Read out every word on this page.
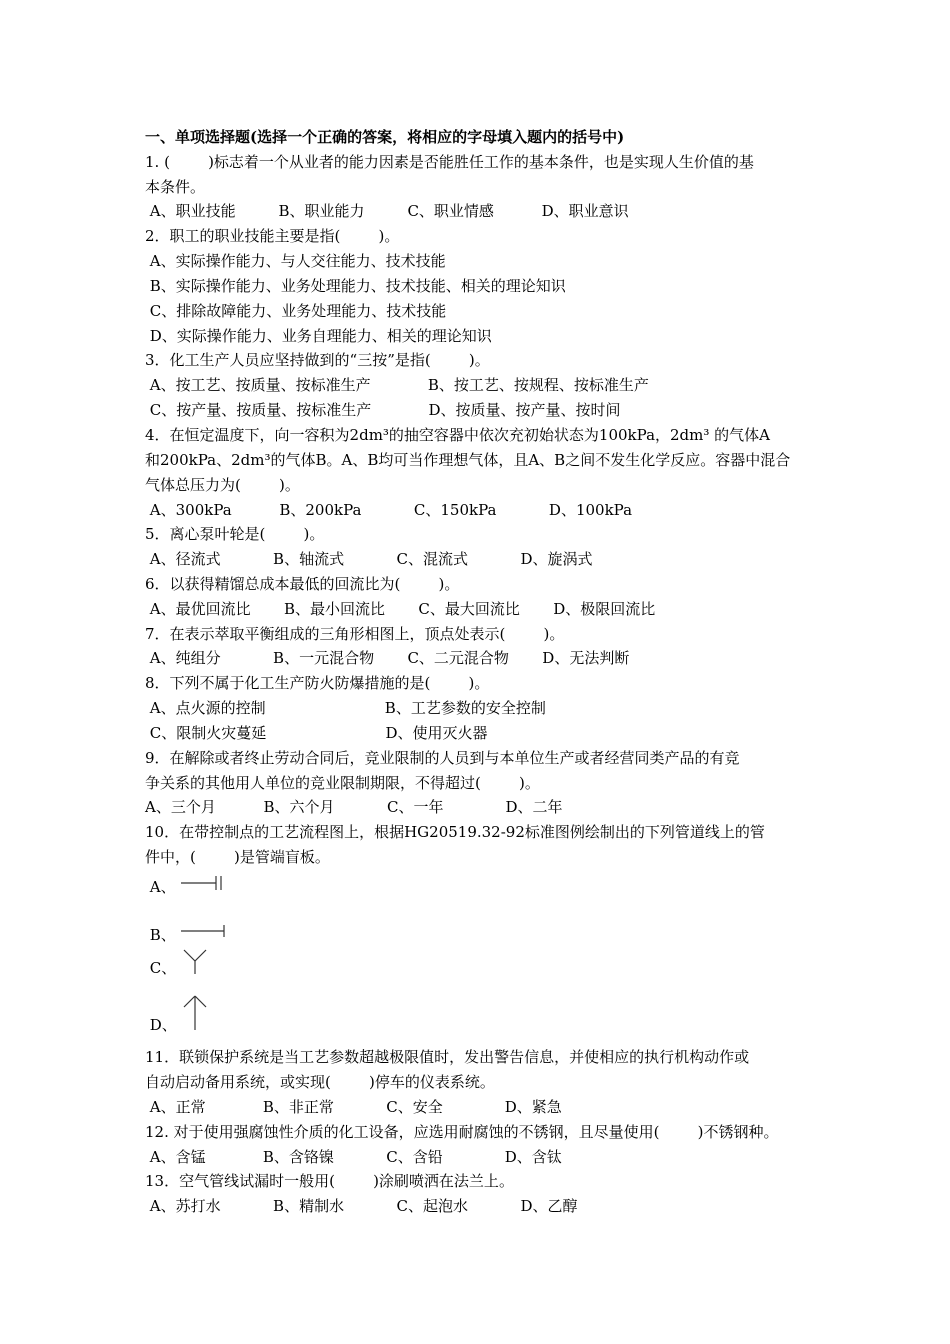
一、单项选择题(选择一个正确的答案，将相应的字母填入题内的括号中)
1. (        )标志着一个从业者的能力因素是否能胜任工作的基本条件，也是实现人生价值的基
本条件。
A、职业技能         B、职业能力         C、职业情感          D、职业意识
2．职工的职业技能主要是指(        )。
A、实际操作能力、与人交往能力、技术技能
B、实际操作能力、业务处理能力、技术技能、相关的理论知识
C、排除故障能力、业务处理能力、技术技能
D、实际操作能力、业务自理能力、相关的理论知识
3．化工生产人员应坚持做到的“三按”是指(        )。
A、按工艺、按质量、按标准生产            B、按工艺、按规程、按标准生产
C、按产量、按质量、按标准生产            D、按质量、按产量、按时间
4．在恒定温度下，向一容积为2dm³的抽空容器中依次充初始状态为100kPa，2dm³ 的气体A
和200kPa、2dm³的气体B。A、B均可当作理想气体，且A、B之间不发生化学反应。容器中混合
气体总压力为(        )。
A、300kPa          B、200kPa           C、150kPa           D、100kPa
5．离心泵叶轮是(        )。
A、径流式           B、轴流式           C、混流式           D、旋涡式
6．以获得精馏总成本最低的回流比为(        )。
A、最优回流比       B、最小回流比       C、最大回流比       D、极限回流比
7．在表示萃取平衡组成的三角形相图上，顶点处表示(        )。
A、纯组分           B、一元混合物       C、二元混合物       D、无法判断
8．下列不属于化工生产防火防爆措施的是(        )。
A、点火源的控制                         B、工艺参数的安全控制
C、限制火灾蔓延                         D、使用灭火器
9．在解除或者终止劳动合同后，竞业限制的人员到与本单位生产或者经营同类产品的有竞
争关系的其他用人单位的竞业限制期限，不得超过(        )。
A、三个月          B、六个月           C、一年             D、二年
10．在带控制点的工艺流程图上，根据HG20519.32-92标准图例绘制出的下列管道线上的管
件中，(        )是管端盲板。
A、
B、
C、
D、
11．联锁保护系统是当工艺参数超越极限值时，发出警告信息，并使相应的执行机构动作或
自动启动备用系统，或实现(        )停车的仪表系统。
A、正常            B、非正常           C、安全             D、紧急
12. 对于使用强腐蚀性介质的化工设备，应选用耐腐蚀的不锈钢，且尽量使用(        )不锈钢种。
A、含锰            B、含铬镍           C、含铅             D、含钛
13．空气管线试漏时一般用(        )涂刷喷洒在法兰上。
A、苏打水           B、精制水           C、起泡水           D、乙醇
